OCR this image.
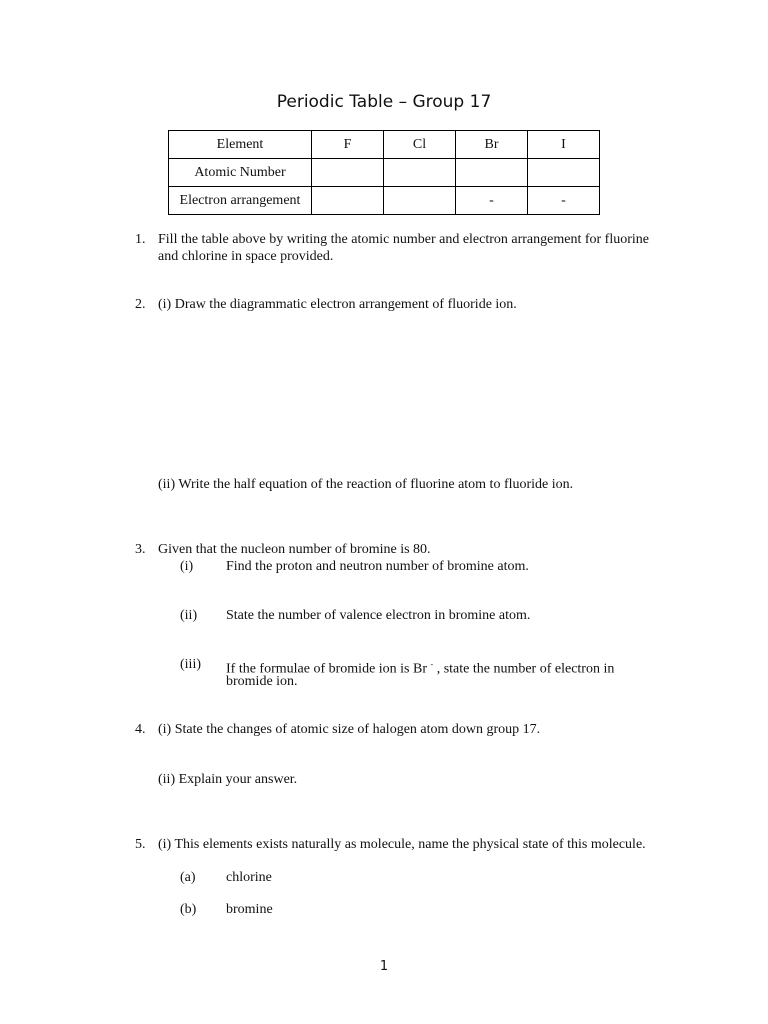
Periodic Table – Group 17
Element	F	Cl	Br	I
Atomic Number				
Electron arrangement			-	-
1. Fill the table above by writing the atomic number and electron arrangement for fluorine
and chlorine in space provided.
2. (i) Draw the diagrammatic electron arrangement of fluoride ion.
(ii) Write the half equation of the reaction of fluorine atom to fluoride ion.
3. Given that the nucleon number of bromine is 80.
(i) Find the proton and neutron number of bromine atom.
(ii) State the number of valence electron in bromine atom.
(iii) If the formulae of bromide ion is Br - , state the number of electron in
bromide ion.
4. (i) State the changes of atomic size of halogen atom down group 17.
(ii) Explain your answer.
5. (i) This elements exists naturally as molecule, name the physical state of this molecule.
(a) chlorine
(b) bromine
1
